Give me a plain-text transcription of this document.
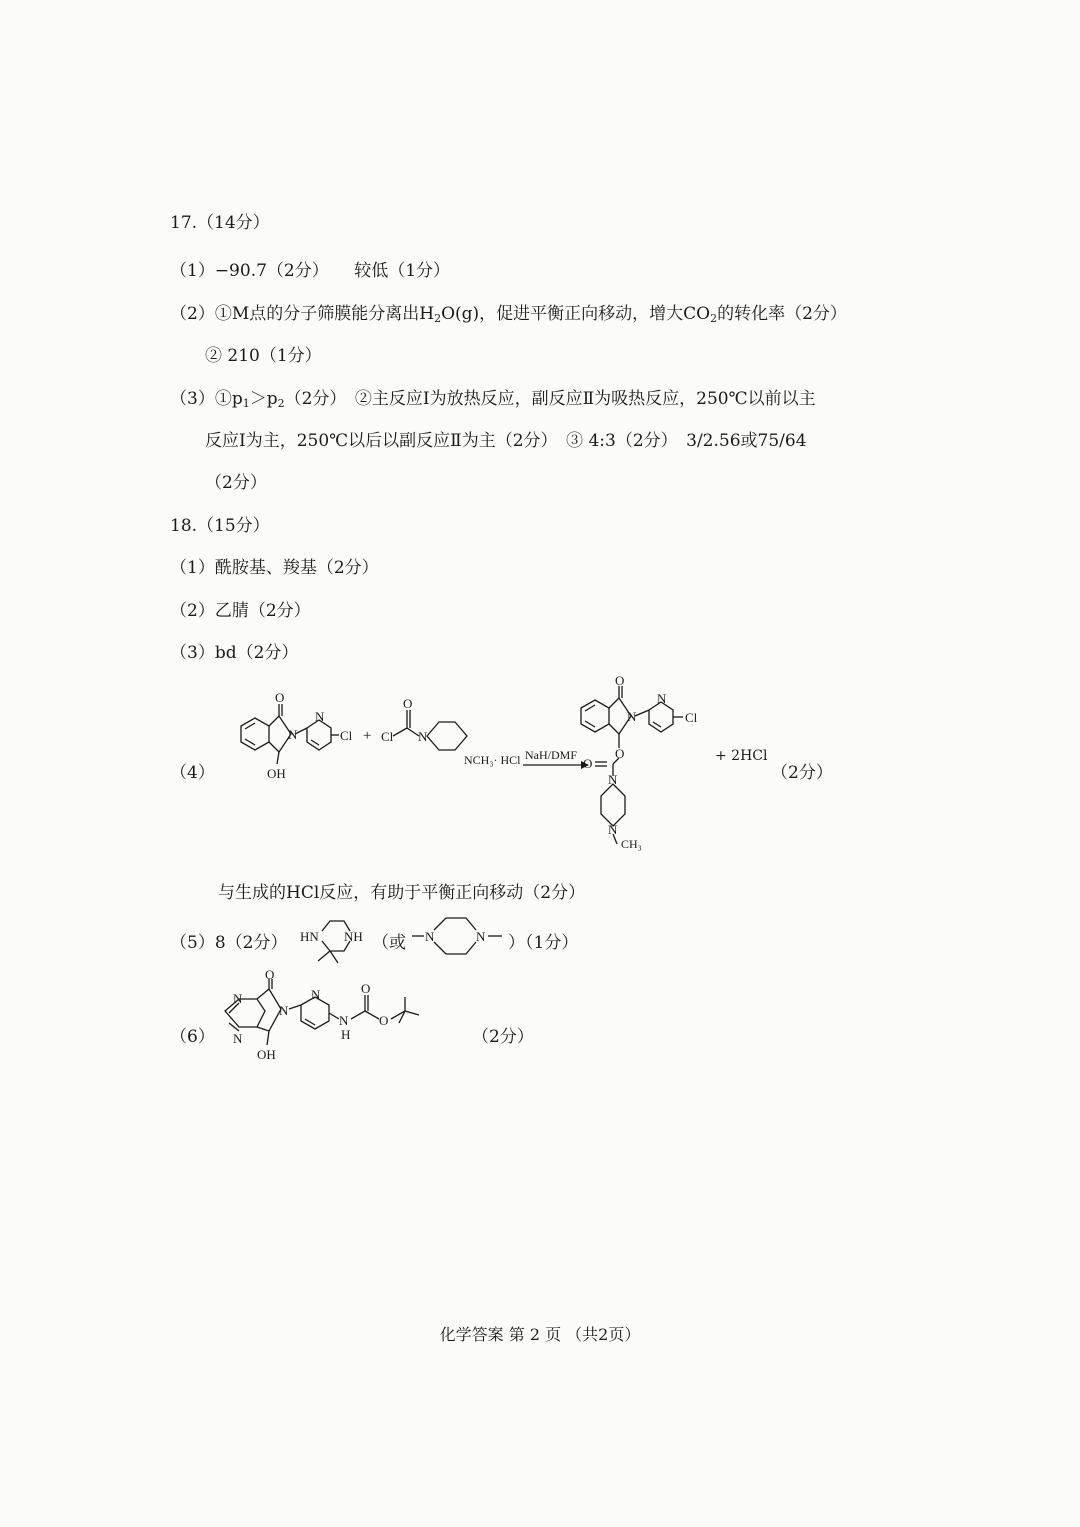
17.（14分）
（1）−90.7（2分）　　较低（1分）
（2）①M点的分子筛膜能分离出$H_2O(g)$，促进平衡正向移动，增大$CO_2$的转化率（2分）
② 210（1分）
$(3)①p_1>p_2(2$分）　②主反应Ⅰ为放热反应，副反应Ⅱ为吸热反应，250℃以前以主
反应Ⅰ为主，250℃以后以副反应Ⅱ为主（2分）　③ 4:3（2分）　3/2.56或75/64
（2分）
18.（15分）
（1）酰胺基、羧基（2分）
（2）乙腈（2分）
（3）bd（2分）
（4）
O
N
N
Cl
OH
+ Cl
O
N
NCH₃· HCl NaH/DMF
O
N
N
Cl
O
O
N
N
CH₃
+ 2HCl
（2分）
与生成的HCl反应，有助于平衡正向移动（2分）
（5）8（2分） HN NH （或 N	N ）（1分）
（6）
O
N
N
N
N
N
H
O
O
OH
（2分）
化学答案 第 2 页 （共2页）
